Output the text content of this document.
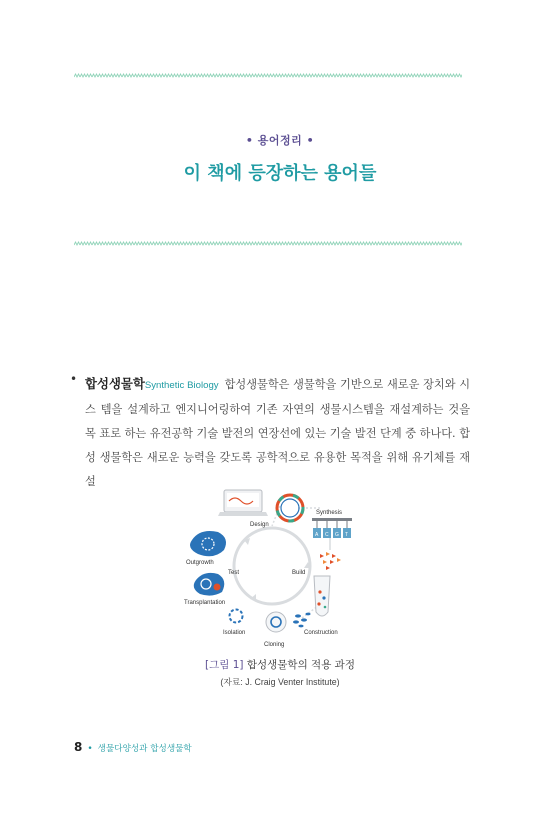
• 용어정리 •
이 책에 등장하는 용어들
• 합성생물학Synthetic Biology 합성생물학은 생물학을 기반으로 새로운 장치와 시스 템을 설계하고 엔지니어링하여 기존 자연의 생물시스템을 재설계하는 것을 목 표로 하는 유전공학 기술 발전의 연장선에 있는 기술 발전 단계 중 하나다. 합성 생물학은 새로운 능력을 갖도록 공학적으로 유용한 목적을 위해 유기체를 재설

Design
Synthesis
A C G T
Build
Outgrowth
Test
Transplantation
Isolation
Cloning
Construction
[그림 1] 합성생물학의 적용 과정
(자료: J. Craig Venter Institute)
8 • 생물다양성과 합성생물학
